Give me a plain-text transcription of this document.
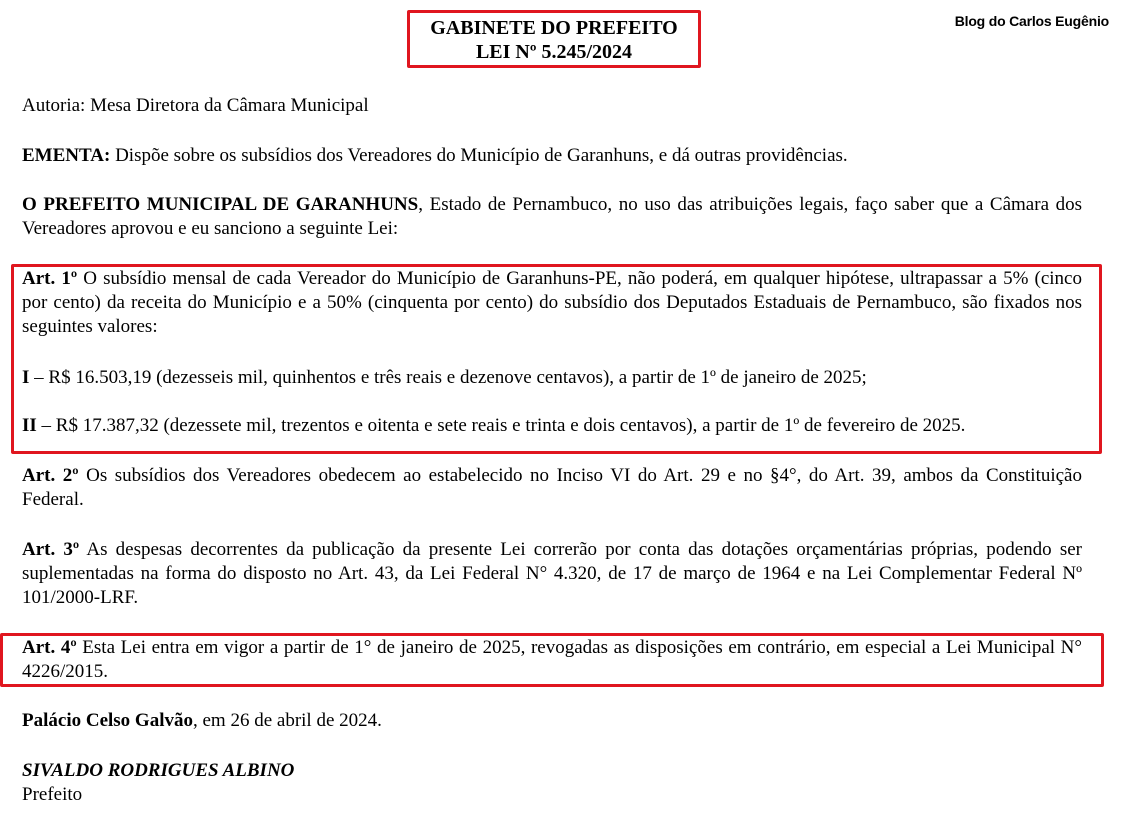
Blog do Carlos Eugênio
GABINETE DO PREFEITO
LEI Nº 5.245/2024

Autoria: Mesa Diretora da Câmara Municipal

EMENTA: Dispõe sobre os subsídios dos Vereadores do Município de Garanhuns, e dá outras providências.

O PREFEITO MUNICIPAL DE GARANHUNS, Estado de Pernambuco, no uso das atribuições legais, faço saber que a Câmara dos Vereadores aprovou e eu sanciono a seguinte Lei:

Art. 1º O subsídio mensal de cada Vereador do Município de Garanhuns-PE, não poderá, em qualquer hipótese, ultrapassar a 5% (cinco por cento) da receita do Município e a 50% (cinquenta por cento) do subsídio dos Deputados Estaduais de Pernambuco, são fixados nos seguintes valores:

I – R$ 16.503,19 (dezesseis mil, quinhentos e três reais e dezenove centavos), a partir de 1º de janeiro de 2025;

II – R$ 17.387,32 (dezessete mil, trezentos e oitenta e sete reais e trinta e dois centavos), a partir de 1º de fevereiro de 2025.

Art. 2º Os subsídios dos Vereadores obedecem ao estabelecido no Inciso VI do Art. 29 e no §4°, do Art. 39, ambos da Constituição Federal.

Art. 3º As despesas decorrentes da publicação da presente Lei correrão por conta das dotações orçamentárias próprias, podendo ser suplementadas na forma do disposto no Art. 43, da Lei Federal N° 4.320, de 17 de março de 1964 e na Lei Complementar Federal Nº 101/2000-LRF.

Art. 4º Esta Lei entra em vigor a partir de 1° de janeiro de 2025, revogadas as disposições em contrário, em especial a Lei Municipal N° 4226/2015.

Palácio Celso Galvão, em 26 de abril de 2024.

SIVALDO RODRIGUES ALBINO

Prefeito
